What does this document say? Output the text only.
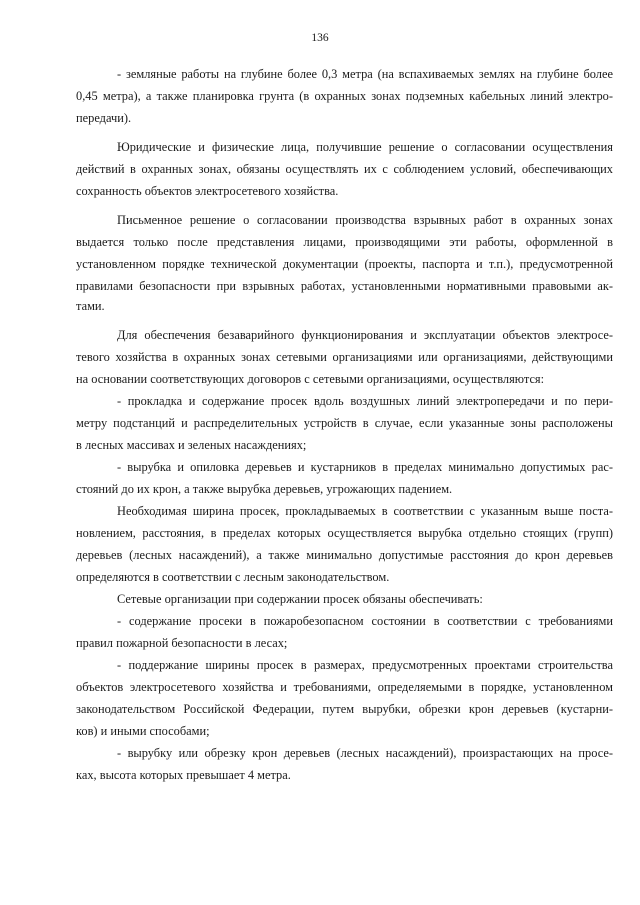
136
- земляные работы на глубине более 0,3 метра (на вспахиваемых землях на глубине более
0,45 метра), а также планировка грунта (в охранных зонах подземных кабельных линий электро-
передачи).
Юридические и физические лица, получившие решение о согласовании осуществления
действий в охранных зонах, обязаны осуществлять их с соблюдением условий, обеспечивающих
сохранность объектов электросетевого хозяйства.
Письменное решение о согласовании производства взрывных работ в охранных зонах
выдается только после представления лицами, производящими эти работы, оформленной в
установленном порядке технической документации (проекты, паспорта и т.п.), предусмотренной
правилами безопасности при взрывных работах, установленными нормативными правовыми ак-
тами.
Для обеспечения безаварийного функционирования и эксплуатации объектов электросе-
тевого хозяйства в охранных зонах сетевыми организациями или организациями, действующими
на основании соответствующих договоров с сетевыми организациями, осуществляются:
- прокладка и содержание просек вдоль воздушных линий электропередачи и по пери-
метру подстанций и распределительных устройств в случае, если указанные зоны расположены
в лесных массивах и зеленых насаждениях;
- вырубка и опиловка деревьев и кустарников в пределах минимально допустимых рас-
стояний до их крон, а также вырубка деревьев, угрожающих падением.
Необходимая ширина просек, прокладываемых в соответствии с указанным выше поста-
новлением, расстояния, в пределах которых осуществляется вырубка отдельно стоящих (групп)
деревьев (лесных насаждений), а также минимально допустимые расстояния до крон деревьев
определяются в соответствии с лесным законодательством.
Сетевые организации при содержании просек обязаны обеспечивать:
- содержание просеки в пожаробезопасном состоянии в соответствии с требованиями
правил пожарной безопасности в лесах;
- поддержание ширины просек в размерах, предусмотренных проектами строительства
объектов электросетевого хозяйства и требованиями, определяемыми в порядке, установленном
законодательством Российской Федерации, путем вырубки, обрезки крон деревьев (кустарни-
ков) и иными способами;
- вырубку или обрезку крон деревьев (лесных насаждений), произрастающих на просе-
ках, высота которых превышает 4 метра.
